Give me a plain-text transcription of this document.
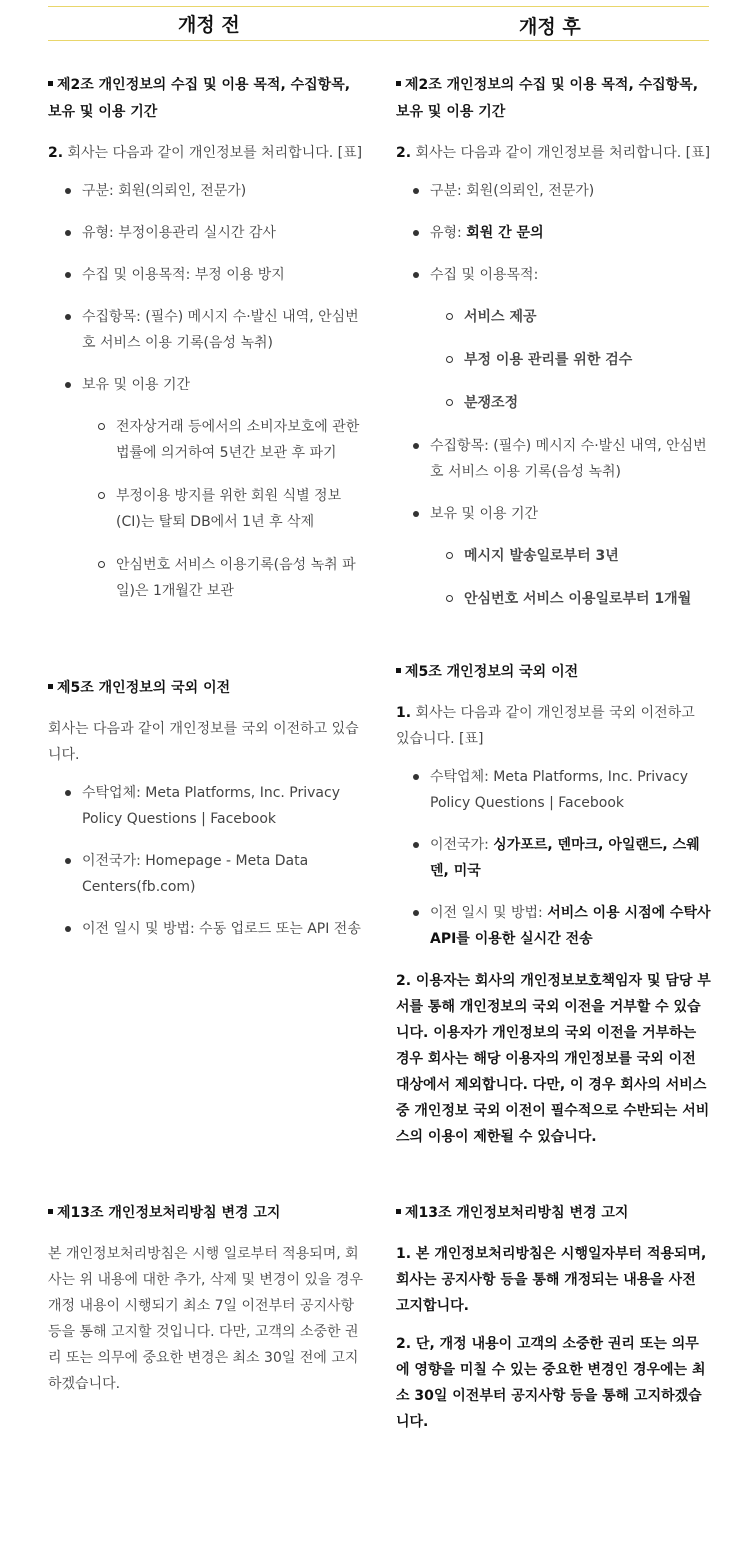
개정 전	개정 후
제2조 개인정보의 수집 및 이용 목적, 수집항목, 보유 및 이용 기간

2. 회사는 다음과 같이 개인정보를 처리합니다. [표]

구분: 회원(의뢰인, 전문가)
유형: 부정이용관리 실시간 감사
수집 및 이용목적: 부정 이용 방지
수집항목: (필수) 메시지 수·발신 내역, 안심번호 서비스 이용 기록(음성 녹취)
보유 및 이용 기간
전자상거래 등에서의 소비자보호에 관한 법률에 의거하여 5년간 보관 후 파기
부정이용 방지를 위한 회원 식별 정보(CI)는 탈퇴 DB에서 1년 후 삭제
안심번호 서비스 이용기록(음성 녹취 파일)은 1개월간 보관
제5조 개인정보의 국외 이전

회사는 다음과 같이 개인정보를 국외 이전하고 있습니다.

수탁업체: Meta Platforms, Inc. Privacy Policy Questions | Facebook
이전국가: Homepage - Meta Data Centers(fb.com)
이전 일시 및 방법: 수동 업로드 또는 API 전송
제13조 개인정보처리방침 변경 고지

본 개인정보처리방침은 시행 일로부터 적용되며, 회사는 위 내용에 대한 추가, 삭제 및 변경이 있을 경우 개정 내용이 시행되기 최소 7일 이전부터 공지사항 등을 통해 고지할 것입니다. 다만, 고객의 소중한 권리 또는 의무에 중요한 변경은 최소 30일 전에 고지하겠습니다.

제2조 개인정보의 수집 및 이용 목적, 수집항목, 보유 및 이용 기간

2. 회사는 다음과 같이 개인정보를 처리합니다. [표]

구분: 회원(의뢰인, 전문가)
유형: 회원 간 문의
수집 및 이용목적:
서비스 제공
부정 이용 관리를 위한 검수
분쟁조정
수집항목: (필수) 메시지 수·발신 내역, 안심번호 서비스 이용 기록(음성 녹취)
보유 및 이용 기간
메시지 발송일로부터 3년
안심번호 서비스 이용일로부터 1개월
제5조 개인정보의 국외 이전

1. 회사는 다음과 같이 개인정보를 국외 이전하고 있습니다. [표]

수탁업체: Meta Platforms, Inc. Privacy Policy Questions | Facebook
이전국가: 싱가포르, 덴마크, 아일랜드, 스웨덴, 미국
이전 일시 및 방법: 서비스 이용 시점에 수탁사 API를 이용한 실시간 전송

2. 이용자는 회사의 개인정보보호책임자 및 담당 부서를 통해 개인정보의 국외 이전을 거부할 수 있습니다. 이용자가 개인정보의 국외 이전을 거부하는 경우 회사는 해당 이용자의 개인정보를 국외 이전 대상에서 제외합니다. 다만, 이 경우 회사의 서비스 중 개인정보 국외 이전이 필수적으로 수반되는 서비스의 이용이 제한될 수 있습니다.

제13조 개인정보처리방침 변경 고지

1. 본 개인정보처리방침은 시행일자부터 적용되며, 회사는 공지사항 등을 통해 개정되는 내용을 사전 고지합니다.

2. 단, 개정 내용이 고객의 소중한 권리 또는 의무에 영향을 미칠 수 있는 중요한 변경인 경우에는 최소 30일 이전부터 공지사항 등을 통해 고지하겠습니다.
